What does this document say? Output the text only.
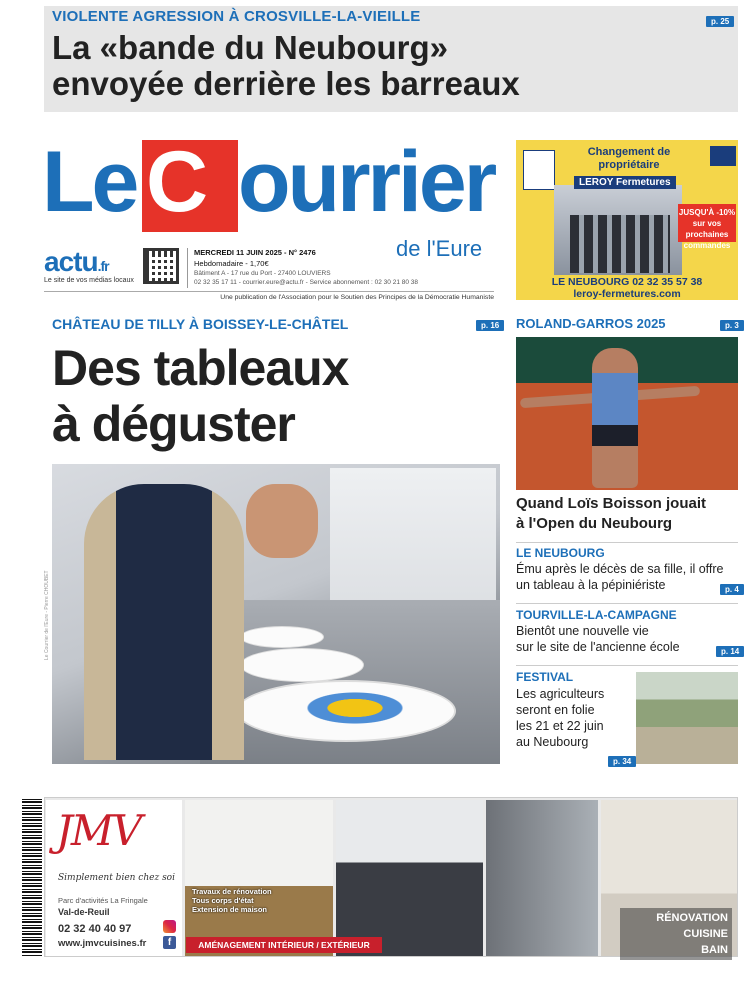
VIOLENTE AGRESSION À CROSVILLE-LA-VIEILLE
La «bande du Neubourg»
envoyée derrière les barreaux
p. 25
Le C ourrier
de l'Eure
actu.fr
Le site de vos médias locaux
MERCREDI 11 JUIN 2025 - N° 2476
Hebdomadaire - 1,70€
Bâtiment A - 17 rue du Port - 27400 LOUVIERS
02 32 35 17 11 - courrier.eure@actu.fr - Service abonnement : 02 30 21 80 38
Une publication de l'Association pour le Soutien des Principes de la Démocratie Humaniste
Changement de propriétaire
LEROY Fermetures
JUSQU'À -10% sur vos prochaines commandes
LE NEUBOURG 02 32 35 57 38
leroy-fermetures.com
CHÂTEAU DE TILLY À BOISSEY-LE-CHÂTEL	p. 16
Des tableaux
à déguster
Le Courrier de l'Eure - Pierre CHOUBET
ROLAND-GARROS 2025	p. 3
Quand Loïs Boisson jouait
à l'Open du Neubourg
LE NEUBOURG
Ému après le décès de sa fille, il offre
un tableau à la pépiniériste	p. 4
TOURVILLE-LA-CAMPAGNE
Bientôt une nouvelle vie
sur le site de l'ancienne école	p. 14
FESTIVAL
Les agriculteurs
seront en folie
les 21 et 22 juin
au Neubourg
p. 34
JMV
Simplement bien chez soi
Parc d'activités La Fringale
Val-de-Reuil
02 32 40 40 97
www.jmvcuisines.fr	f
Travaux de rénovation
Tous corps d'état
Extension de maison
AMÉNAGEMENT INTÉRIEUR / EXTÉRIEUR
RÉNOVATION
CUISINE
BAIN
